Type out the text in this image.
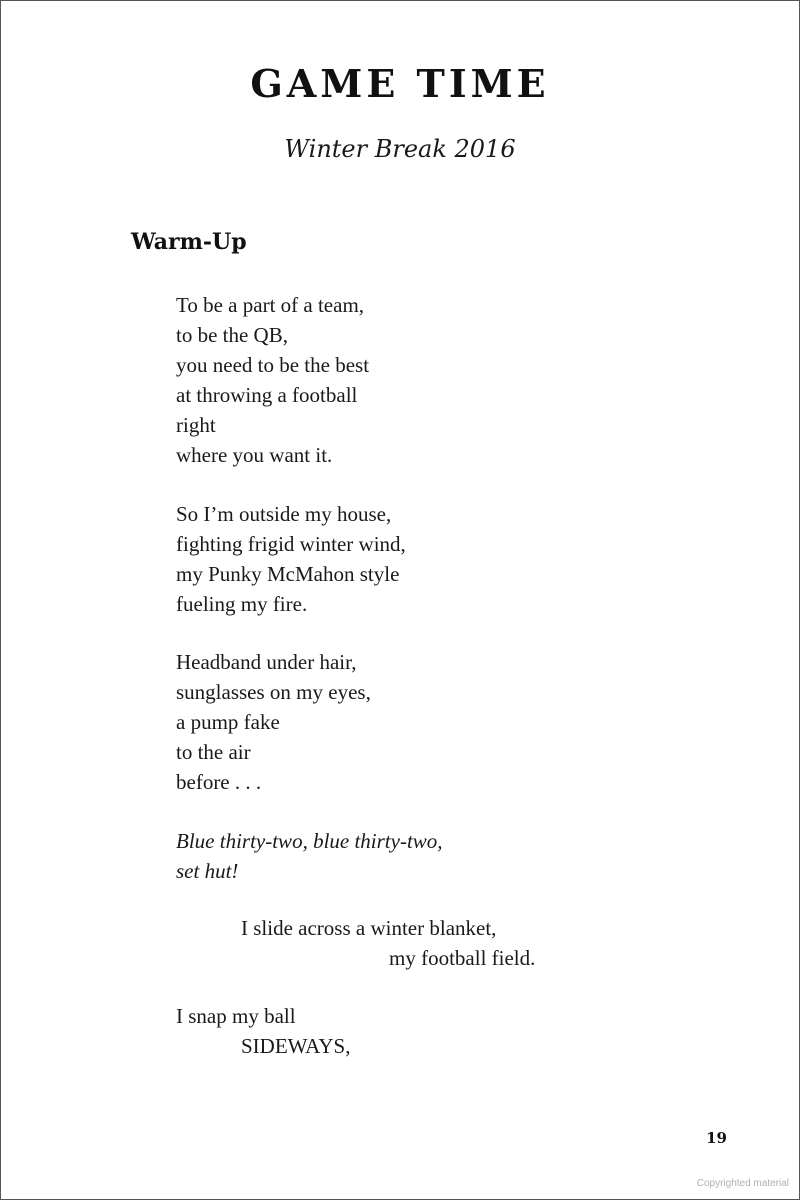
GAME TIME
Winter Break 2016
Warm-Up
To be a part of a team,
to be the QB,
you need to be the best
at throwing a football
right
where you want it.
So I’m outside my house,
fighting frigid winter wind,
my Punky McMahon style
fueling my fire.
Headband under hair,
sunglasses on my eyes,
a pump fake
to the air
before . . .
Blue thirty-two, blue thirty-two,
set hut!
I slide across a winter blanket,
my football field.
I snap my ball
SIDEWAYS,
19
Copyrighted material
